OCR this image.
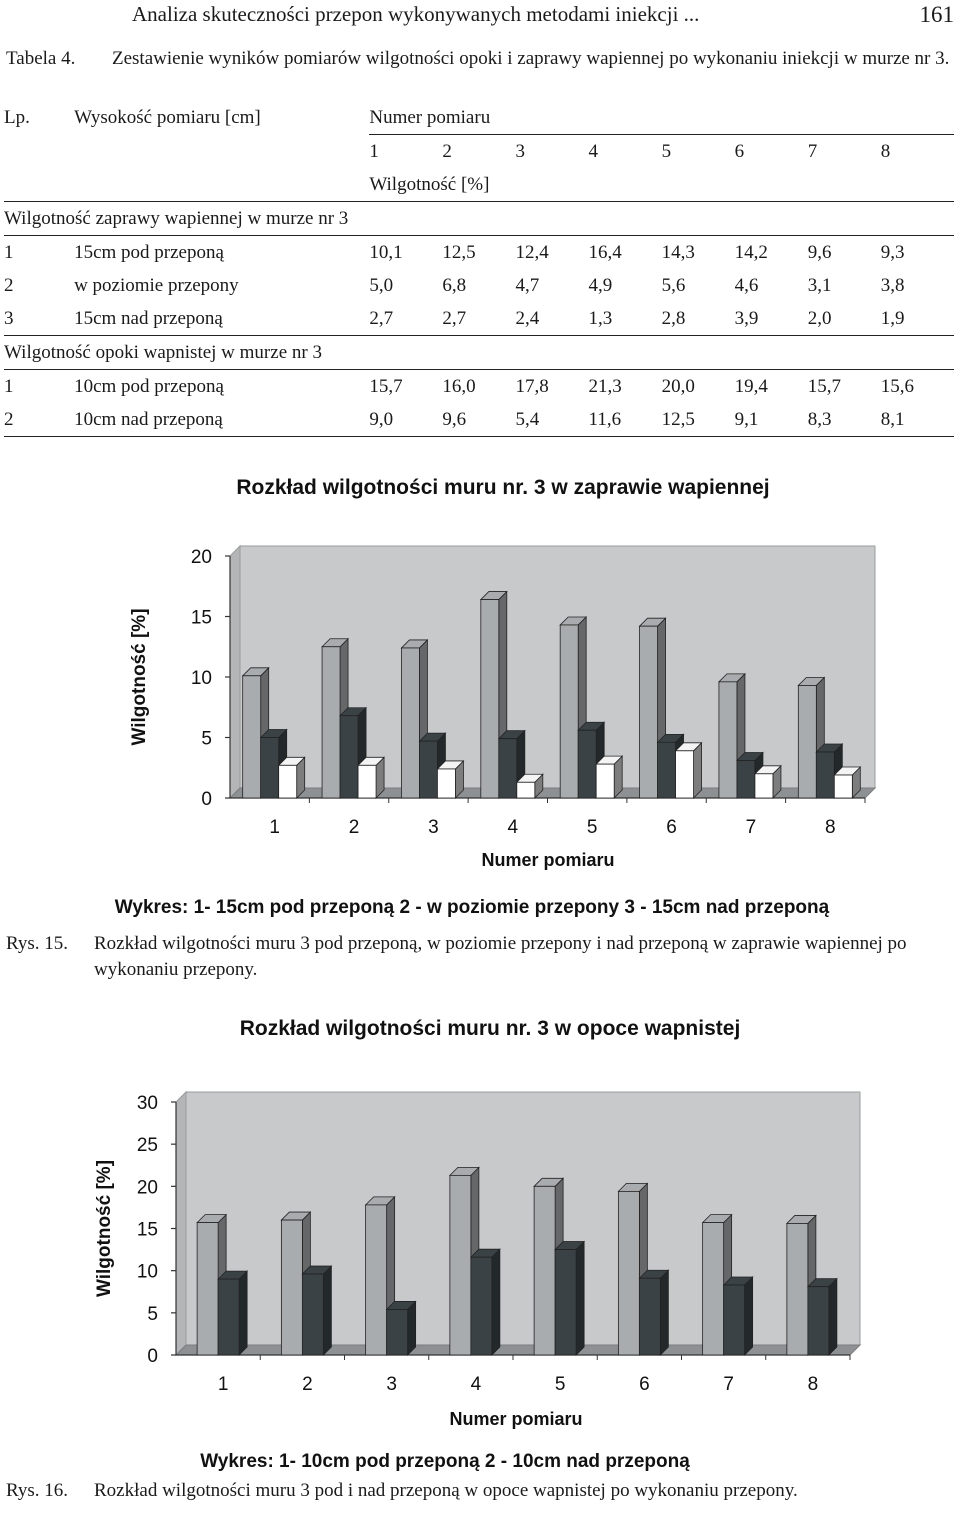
Analiza skuteczności przepon wykonywanych metodami iniekcji ...	161
Tabela 4. Zestawienie wyników pomiarów wilgotności opoki i zaprawy wapiennej po wykonaniu iniekcji w murze nr 3.
Lp.	Wysokość pomiaru [cm]	Numer pomiaru							
		1	2	3	4	5	6	7	8
		Wilgotność [%]							
Wilgotność zaprawy wapiennej w murze nr 3									
1	15cm pod przeponą	10,1	12,5	12,4	16,4	14,3	14,2	9,6	9,3
2	w poziomie przepony	5,0	6,8	4,7	4,9	5,6	4,6	3,1	3,8
3	15cm nad przeponą	2,7	2,7	2,4	1,3	2,8	3,9	2,0	1,9
Wilgotność opoki wapnistej w murze nr 3									
1	10cm pod przeponą	15,7	16,0	17,8	21,3	20,0	19,4	15,7	15,6
2	10cm nad przeponą	9,0	9,6	5,4	11,6	12,5	9,1	8,3	8,1
Rozkład wilgotności muru nr. 3 w zaprawie wapiennej
0
5
10
15
20
Wilgotność [%]
1	2	3	4	5	6	7	8
Numer pomiaru
Wykres: 1- 15cm pod przeponą 2 - w poziomie przepony 3 - 15cm nad przeponą
Rys. 15. Rozkład wilgotności muru 3 pod przeponą, w poziomie przepony i nad przeponą w zaprawie wapiennej po wykonaniu przepony.
Rozkład wilgotności muru nr. 3 w opoce wapnistej
0
5
10
15
20
25
30
Wilgotność [%]
1	2	3	4	5	6	7	8
Numer pomiaru
Wykres: 1- 10cm pod przeponą 2 - 10cm nad przeponą
Rys. 16. Rozkład wilgotności muru 3 pod i nad przeponą w opoce wapnistej po wykonaniu przepony.
